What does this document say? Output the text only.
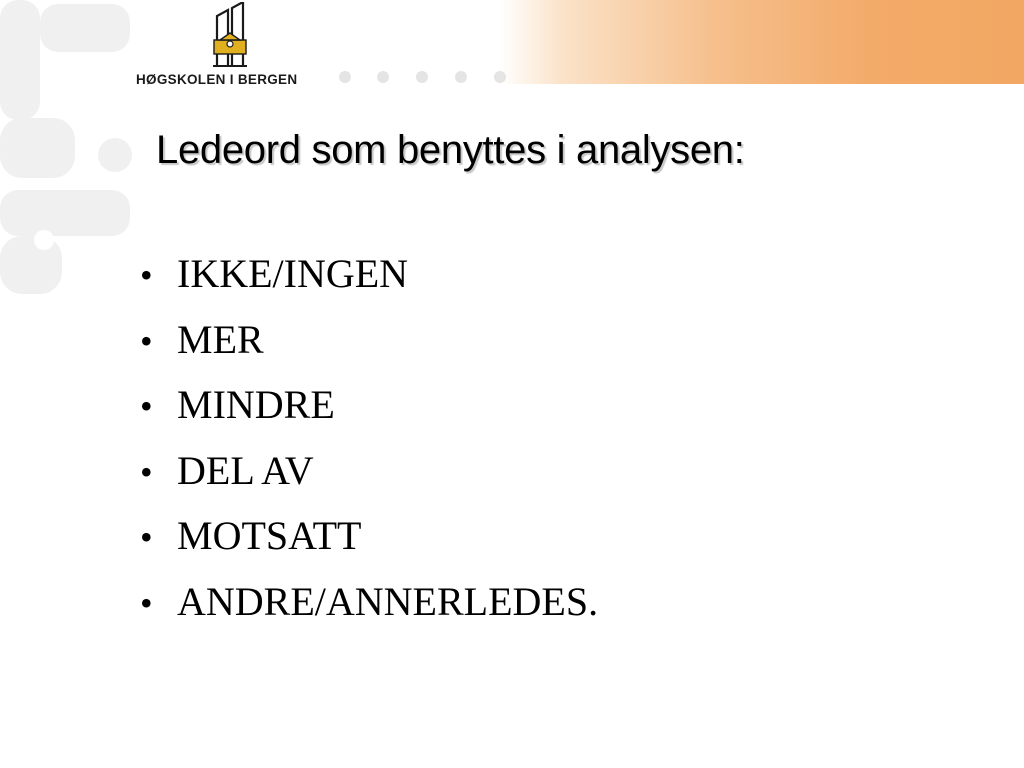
HØGSKOLEN I BERGEN
Ledeord som benyttes i analysen:
• IKKE/INGEN
• MER
• MINDRE
• DEL AV
• MOTSATT
• ANDRE/ANNERLEDES.
